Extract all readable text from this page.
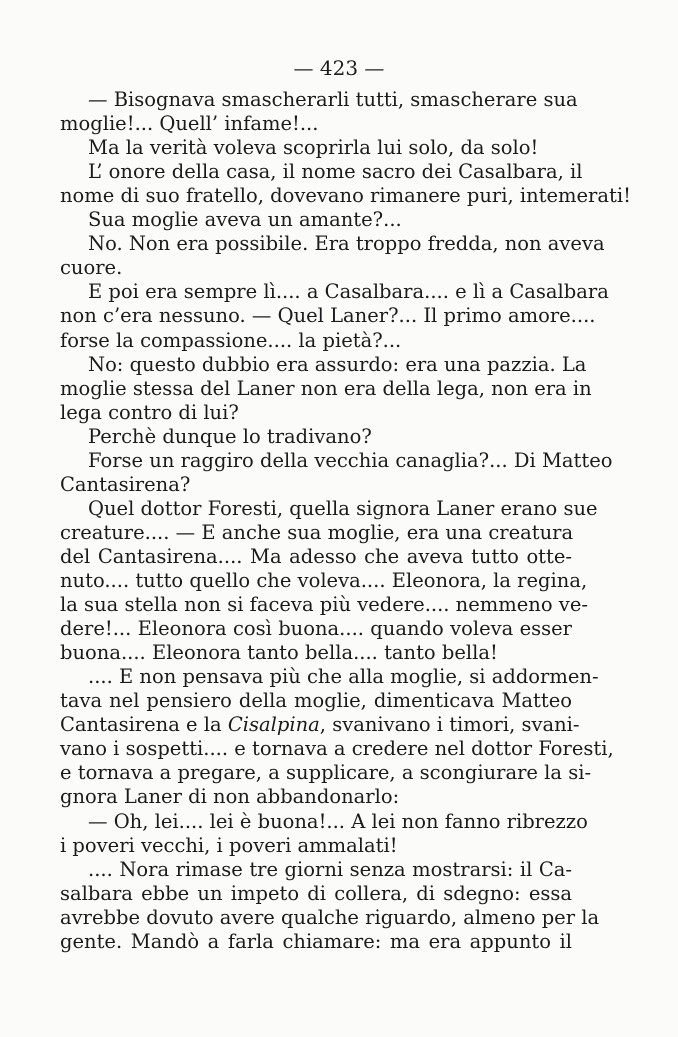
— 423 —
— Bisognava smascherarli tutti, smascherare sua
moglie!... Quell’ infame!...
Ma la verità voleva scoprirla lui solo, da solo!
L’ onore della casa, il nome sacro dei Casalbara, il
nome di suo fratello, dovevano rimanere puri, intemerati!
Sua moglie aveva un amante?...
No. Non era possibile. Era troppo fredda, non aveva
cuore.
E poi era sempre lì.... a Casalbara.... e lì a Casalbara
non c’era nessuno. — Quel Laner?... Il primo amore....
forse la compassione.... la pietà?...
No: questo dubbio era assurdo: era una pazzia. La
moglie stessa del Laner non era della lega, non era in
lega contro di lui?
Perchè dunque lo tradivano?
Forse un raggiro della vecchia canaglia?... Di Matteo
Cantasirena?
Quel dottor Foresti, quella signora Laner erano sue
creature.... — E anche sua moglie, era una creatura
del Cantasirena.... Ma adesso che aveva tutto otte-
nuto.... tutto quello che voleva.... Eleonora, la regina,
la sua stella non si faceva più vedere.... nemmeno ve-
dere!... Eleonora così buona.... quando voleva esser
buona.... Eleonora tanto bella.... tanto bella!
.... E non pensava più che alla moglie, si addormen-
tava nel pensiero della moglie, dimenticava Matteo
Cantasirena e la Cisalpina, svanivano i timori, svani-
vano i sospetti.... e tornava a credere nel dottor Foresti,
e tornava a pregare, a supplicare, a scongiurare la si-
gnora Laner di non abbandonarlo:
— Oh, lei.... lei è buona!... A lei non fanno ribrezzo
i poveri vecchi, i poveri ammalati!
.... Nora rimase tre giorni senza mostrarsi: il Ca-
salbara ebbe un impeto di collera, di sdegno: essa
avrebbe dovuto avere qualche riguardo, almeno per la
gente. Mandò a farla chiamare: ma era appunto il
